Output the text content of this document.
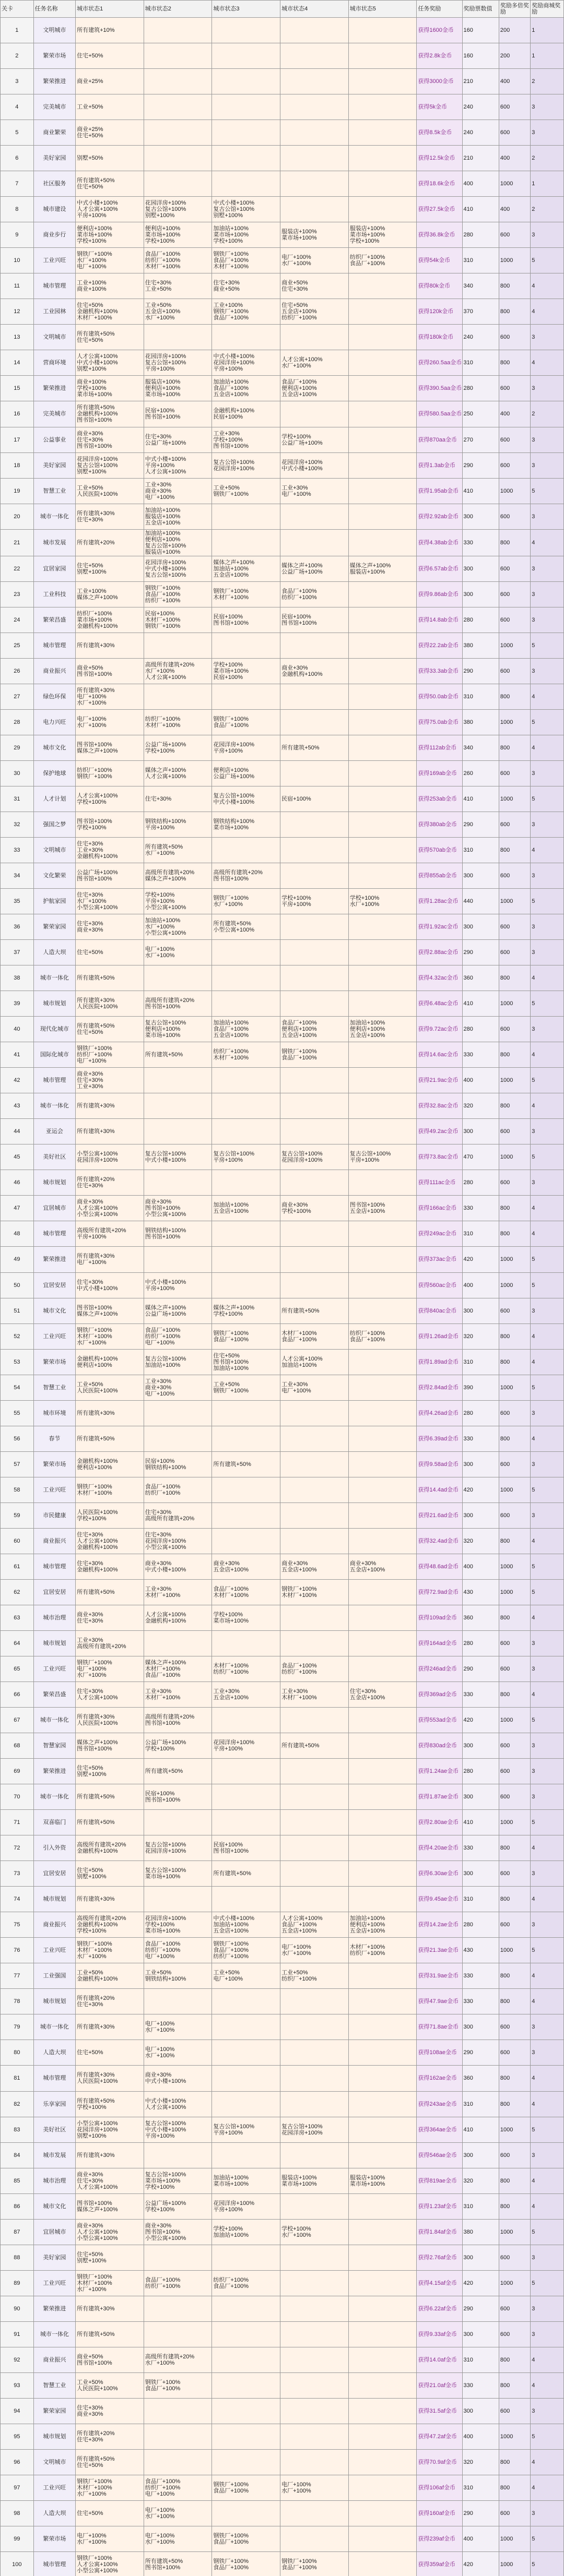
关卡	任务名称	城市状态1	城市状态2	城市状态3	城市状态4	城市状态5	任务奖励	奖励票数值	奖励多倍奖励	奖励商城奖励
1	文明城市	所有建筑+10%					获得1600金币	160	200	1
2	繁荣市场	住宅+50%					获得2.8k金币	160	200	1
3	繁荣推进	商业+25%					获得3000金币	210	400	2
4	完美城市	工业+50%					获得5k金币	240	600	3
5	商业繁荣	商业+25%
住宅+50%					获得8.5k金币	240	600	3
6	美好家园	别墅+50%					获得12.5k金币	210	400	2
7	社区服务	所有建筑+50%
住宅+50%					获得18.6k金币	400	1000	1
8	城市建设	中式小楼+100%
人才公寓+100%
平房+100%	花园洋房+100%
复古公馆+100%
别墅+100%	中式小楼+100%
复古公馆+100%
别墅+100%			获得27.5k金币	410	400	2
9	商业步行	便利店+100%
菜市场+100%
学校+100%	便利店+100%
菜市场+100%
学校+100%	加油站+100%
菜市场+100%
学校+100%	服装店+100%
菜市场+100%	服装店+100%
菜市场+100%
学校+100%	获得36.8k金币	280	600	3
10	工业兴旺	钢铁厂+100%
水厂+100%
电厂+100%	食品厂+100%
纺织厂+100%
木材厂+100%	钢铁厂+100%
食品厂+100%
木材厂+100%	电厂+100%
水厂+100%	纺织厂+100%
食品厂+100%	获得54k金币	310	1000	5
11	城市管理	工业+100%
商业+100%	住宅+30%
工业+50%	住宅+30%
商业+50%	商业+50%
住宅+30%		获得80k金币	340	800	4
12	工业园林	住宅+50%
金融机构+100%
木材厂+100%	工业+50%
五金店+100%
水厂+100%	工业+100%
钢铁厂+100%
食品厂+100%	住宅+50%
五金店+100%
纺织厂+100%		获得120k金币	370	800	4
13	文明城市	所有建筑+50%
住宅+50%					获得180k金币	240	600	3
14	营商环境	人才公寓+100%
中式小楼+100%
别墅+100%	花园洋房+100%
复古公馆+100%
平房+100%	中式小楼+100%
花园洋房+100%
平房+100%	人才公寓+100%
水厂+100%		获得260.5aa金币	310	800	4
15	繁荣推进	商业+100%
学校+100%
菜市场+100%	服装店+100%
便利店+100%
菜市场+100%	加油站+100%
食品厂+100%
五金店+100%	食品厂+100%
便利店+100%
五金店+100%		获得390.5aa金币	280	600	3
16	完美城市	所有建筑+50%
金融机构+100%
图书馆+100%	民宿+100%
图书馆+100%	金融机构+100%
民宿+100%			获得580.5aa金币	250	400	2
17	公益事业	商业+30%
住宅+30%
图书馆+100%	住宅+30%
公益广场+100%	工业+30%
学校+100%
图书馆+100%	学校+100%
公益广场+100%		获得870aa金币	270	600	3
18	美好家园	花园洋房+100%
复古公馆+100%
别墅+100%	中式小楼+100%
平房+100%
人才公寓+100%	复古公馆+100%
花园洋房+100%	花园洋房+100%
中式小楼+100%		获得1.3ab金币	290	600	3
19	智慧工业	工业+50%
人民医院+100%	工业+30%
商业+30%
电厂+100%	工业+50%
钢铁厂+100%	工业+30%
电厂+100%		获得1.95ab金币	410	1000	5
20	城市一体化	所有建筑+30%
住宅+30%	加油站+100%
服装店+100%
五金店+100%				获得2.92ab金币	300	600	3
21	城市发展	所有建筑+20%	加油站+100%
便利店+100%
复古公馆+100%
服装店+100%				获得4.38ab金币	330	800	4
22	宜居家园	住宅+50%
别墅+100%	花园洋房+100%
中式小楼+100%
复古公馆+100%	媒体之声+100%
加油站+100%
五金店+100%	媒体之声+100%
公益广场+100%	媒体之声+100%
服装店+100%	获得6.57ab金币	300	600	3
23	工业科技	工业+100%
媒体之声+100%	钢铁厂+100%
食品厂+100%
纺织厂+100%	钢铁厂+100%
木材厂+100%	食品厂+100%
纺织厂+100%		获得9.86ab金币	300	600	3
24	繁荣昌盛	纺织厂+100%
菜市场+100%
金融机构+100%	民宿+100%
木材厂+100%
钢铁厂+100%	民宿+100%
图书馆+100%	民宿+100%
图书馆+100%		获得14.8ab金币	280	600	3
25	城市管理	所有建筑+30%					获得22.2ab金币	380	1000	5
26	商业振兴	商业+50%
图书馆+100%	高级所有建筑+20%
水厂+100%
人才公寓+100%	学校+100%
菜市场+100%
民宿+100%	商业+30%
金融机构+100%		获得33.3ab金币	290	600	3
27	绿色环保	所有建筑+30%
电厂+100%
水厂+100%					获得50.0ab金币	310	800	4
28	电力兴旺	电厂+100%
水厂+100%	纺织厂+100%
木材厂+100%	钢铁厂+100%
食品厂+100%			获得75.0ab金币	380	1000	5
29	城市文化	图书馆+100%
媒体之声+100%	公益广场+100%
学校+100%	花园洋房+100%
平房+100%	所有建筑+50%		获得112ab金币	340	800	4
30	保护地球	纺织厂+100%
钢铁厂+100%	媒体之声+100%
人才公寓+100%	便利店+100%
公益广场+100%			获得169ab金币	260	600	3
31	人才计划	人才公寓+100%
学校+100%	住宅+30%	复古公馆+100%
中式小楼+100%	民宿+100%		获得253ab金币	410	1000	5
32	强国之梦	图书馆+100%
学校+100%	钢铁结构+100%
平房+100%	钢铁结构+100%
菜市场+100%			获得380ab金币	290	600	3
33	文明城市	住宅+30%
工业+30%
金融机构+100%	所有建筑+50%
水厂+100%				获得570ab金币	310	800	4
34	文化繁荣	公益广场+100%
图书馆+100%	高级所有建筑+20%
媒体之声+100%	高级所有建筑+20%
图书馆+100%			获得855ab金币	300	600	3
35	护航家园	住宅+30%
水厂+100%
小型公寓+100%	学校+100%
平房+100%
小型公寓+100%	钢铁厂+100%
水厂+100%	学校+100%
平房+100%	学校+100%
水厂+100%	获得1.28ac金币	440	1000	5
36	繁荣家园	住宅+30%
商业+30%	加油站+100%
水厂+100%
小型公寓+100%	所有建筑+50%
小型公寓+100%			获得1.92ac金币	300	600	3
37	人造大坝	住宅+50%	电厂+100%
水厂+100%				获得2.88ac金币	290	600	3
38	城市一体化	所有建筑+50%					获得4.32ac金币	360	800	4
39	城市规划	所有建筑+30%
人民医院+100%	高级所有建筑+20%
图书馆+100%				获得6.48ac金币	410	1000	5
40	现代化城市	所有建筑+50%
住宅+50%	复古公馆+100%
便利店+100%
菜市场+100%	加油站+100%
食品厂+100%
五金店+100%	食品厂+100%
便利店+100%
五金店+100%	加油站+100%
便利店+100%
五金店+100%	获得9.72ac金币	280	600	3
41	国际化城市	钢铁厂+100%
纺织厂+100%
电厂+100%	所有建筑+50%	纺织厂+100%
木材厂+100%	钢铁厂+100%
食品厂+100%		获得14.6ac金币	330	800	4
42	城市管理	商业+30%
住宅+30%
工业+30%					获得21.9ac金币	400	1000	5
43	城市一体化	所有建筑+30%					获得32.8ac金币	320	800	4
44	亚运会	所有建筑+30%					获得49.2ac金币	300	600	3
45	美好社区	小型公寓+100%
花园洋房+100%	复古公馆+100%
中式小楼+100%	复古公馆+100%
平房+100%	复古公馆+100%
花园洋房+100%	复古公馆+100%
平房+100%	获得73.8ac金币	470	1000	5
46	城市规划	所有建筑+20%
住宅+30%					获得111ac金币	280	600	3
47	宜居城市	商业+30%
人才公寓+100%
小型公寓+100%	商业+30%
图书馆+100%
小型公寓+100%	加油站+100%
五金店+100%	商业+30%
学校+100%	图书馆+100%
五金店+100%	获得166ac金币	330	800	4
48	城市管理	高级所有建筑+20%
平房+100%	钢铁结构+100%
图书馆+100%				获得249ac金币	310	800	4
49	繁荣推进	所有建筑+30%
电厂+100%					获得373ac金币	420	1000	5
50	宜居安居	住宅+30%
中式小楼+100%	中式小楼+100%
平房+100%				获得560ac金币	400	1000	5
51	城市文化	图书馆+100%
媒体之声+100%	媒体之声+100%
公益广场+100%	媒体之声+100%
学校+100%	所有建筑+50%		获得840ac金币	300	600	3
52	工业兴旺	钢铁厂+100%
木材厂+100%
水厂+100%	食品厂+100%
纺织厂+100%
电厂+100%	钢铁厂+100%
食品厂+100%	木材厂+100%
食品厂+100%	纺织厂+100%
食品厂+100%	获得1.26ad金币	320	800	4
53	繁荣市场	金融机构+100%
便利店+100%	复古公馆+100%
加油站+100%	住宅+50%
图书馆+100%
加油站+100%	人才公寓+100%
加油站+100%		获得1.89ad金币	310	800	4
54	智慧工业	工业+50%
人民医院+100%	工业+30%
商业+30%
电厂+100%	工业+50%
钢铁厂+100%	工业+30%
电厂+100%		获得2.84ad金币	390	1000	5
55	城市环境	所有建筑+30%					获得4.26ad金币	280	600	3
56	春节	所有建筑+50%					获得6.39ad金币	330	800	4
57	繁荣市场	金融机构+100%
便利店+100%	民宿+100%
钢铁结构+100%	所有建筑+50%			获得9.58ad金币	300	600	3
58	工业兴旺	钢铁厂+100%
木材厂+100%	食品厂+100%
纺织厂+100%				获得14.4ad金币	420	1000	5
59	市民健康	人民医院+100%
学校+100%	住宅+30%
高级所有建筑+20%				获得21.6ad金币	300	600	3
60	商业振兴	住宅+30%
人才公寓+100%
金融机构+100%	住宅+30%
花园洋房+100%
小型公寓+100%				获得32.4ad金币	320	800	4
61	城市管理	住宅+30%
金融机构+100%	商业+30%
中式小楼+100%	商业+30%
五金店+100%	商业+30%
五金店+100%	商业+30%
五金店+100%	获得48.6ad金币	400	1000	5
62	宜居安居	所有建筑+50%	工业+30%
木材厂+100%	食品厂+100%
木材厂+100%	钢铁厂+100%
木材厂+100%		获得72.9ad金币	430	1000	5
63	城市治理	商业+30%
住宅+30%	人才公寓+100%
金融机构+100%	学校+100%
菜市场+100%			获得109ad金币	360	800	4
64	城市规划	工业+30%
高级所有建筑+20%					获得164ad金币	280	600	3
65	工业兴旺	钢铁厂+100%
电厂+100%
水厂+100%	媒体之声+100%
木材厂+100%
食品厂+100%	木材厂+100%
纺织厂+100%	食品厂+100%
纺织厂+100%		获得246ad金币	290	600	3
66	繁荣昌盛	住宅+30%
人才公寓+100%	工业+30%
木材厂+100%	工业+30%
五金店+100%	工业+30%
木材厂+100%	住宅+30%
五金店+100%	获得369ad金币	330	800	4
67	城市一体化	所有建筑+30%
人民医院+100%	高级所有建筑+20%
图书馆+100%				获得553ad金币	420	1000	5
68	智慧家园	媒体之声+100%
图书馆+100%	公益广场+100%
学校+100%	花园洋房+100%
平房+100%	所有建筑+50%		获得830ad金币	300	600	3
69	繁荣推进	住宅+50%
别墅+100%	所有建筑+50%				获得1.24ae金币	280	600	3
70	城市一体化	所有建筑+50%	民宿+100%
图书馆+100%				获得1.87ae金币	300	600	3
71	双喜临门	所有建筑+50%					获得2.80ae金币	410	1000	5
72	引入外资	高级所有建筑+20%
金融机构+100%	复古公馆+100%
花园洋房+100%	民宿+100%
图书馆+100%			获得4.20ae金币	330	800	4
73	宜居安居	住宅+50%
别墅+100%	复古公馆+100%
菜市场+100%	所有建筑+50%			获得6.30ae金币	300	600	3
74	城市规划	所有建筑+30%					获得9.45ae金币	310	800	4
75	商业振兴	高级所有建筑+20%
金融机构+100%
学校+100%	花园洋房+100%
学校+100%
菜市场+100%	中式小楼+100%
加油站+100%
五金店+100%	人才公寓+100%
食品厂+100%
五金店+100%	加油站+100%
便利店+100%
五金店+100%	获得14.2ae金币	280	600	3
76	工业兴旺	钢铁厂+100%
木材厂+100%
水厂+100%	食品厂+100%
纺织厂+100%
电厂+100%	钢铁厂+100%
食品厂+100%
纺织厂+100%	电厂+100%
水厂+100%	木材厂+100%
纺织厂+100%	获得21.3ae金币	430	1000	5
77	工业强国	工业+50%
金融机构+100%	工业+50%
钢铁结构+100%	工业+50%
电厂+100%	工业+50%
纺织厂+100%		获得31.9ae金币	330	800	4
78	城市规划	所有建筑+20%
住宅+30%					获得47.9ae金币	330	800	4
79	城市一体化	所有建筑+30%	电厂+100%
水厂+100%				获得71.8ae金币	300	600	3
80	人造大坝	住宅+50%	电厂+100%
水厂+100%				获得108ae金币	290	600	3
81	城市管理	所有建筑+30%
人民医院+100%	商业+30%
中式小楼+100%				获得162ae金币	360	800	4
82	乐享家园	所有建筑+50%
学校+100%	中式小楼+100%
人才公寓+100%				获得243ae金币	310	800	4
83	美好社区	小型公寓+100%
花园洋房+100%
别墅+100%	复古公馆+100%
中式小楼+100%
平房+100%	复古公馆+100%
平房+100%	复古公馆+100%
花园洋房+100%		获得364ae金币	410	1000	5
84	城市发展	所有建筑+30%					获得546ae金币	300	600	3
85	城市治理	商业+30%
住宅+30%
人才公寓+100%	复古公馆+100%
菜市场+100%
学校+100%	加油站+100%
菜市场+100%	服装店+100%
菜市场+100%	服装店+100%
菜市场+100%	获得819ae金币	320	800	4
86	城市文化	图书馆+100%
媒体之声+100%	公益广场+100%
学校+100%	花园洋房+100%
平房+100%			获得1.23af金币	310	800	4
87	宜居城市	商业+30%
人才公寓+100%
小型公寓+100%	商业+30%
图书馆+100%
小型公寓+100%	学校+100%
加油站+100%	学校+100%
水厂+100%		获得1.84af金币	380	1000	5
88	美好家园	住宅+50%
别墅+100%					获得2.76af金币	300	600	3
89	工业兴旺	钢铁厂+100%
木材厂+100%
水厂+100%	食品厂+100%
纺织厂+100%	纺织厂+100%
食品厂+100%			获得4.15af金币	420	1000	5
90	繁荣推进	所有建筑+30%					获得6.22af金币	290	600	3
91	城市一体化	所有建筑+50%					获得9.33af金币	300	600	3
92	商业振兴	商业+50%
图书馆+100%	高级所有建筑+20%
水厂+100%				获得14.0af金币	310	800	4
93	智慧工业	工业+50%
人民医院+100%	钢铁厂+100%
食品厂+100%				获得21.0af金币	330	800	4
94	繁荣家园	住宅+30%
商业+30%					获得31.5af金币	300	600	3
95	城市规划	所有建筑+20%
住宅+30%					获得47.2af金币	400	1000	5
96	文明城市	所有建筑+50%
住宅+50%					获得70.9af金币	320	800	4
97	工业兴旺	钢铁厂+100%
木材厂+100%
水厂+100%	食品厂+100%
纺织厂+100%
电厂+100%	钢铁厂+100%
食品厂+100%	电厂+100%
水厂+100%		获得106af金币	310	800	4
98	人造大坝	住宅+50%	电厂+100%
水厂+100%				获得160af金币	290	600	3
99	繁荣市场	电厂+100%
水厂+100%	电厂+100%
水厂+100%	钢铁厂+100%
食品厂+100%			获得239af金币	400	1000	5
100	城市管理	钢铁厂+100%
人才公寓+100%
小型公寓+100%	所有建筑+50%
图书馆+100%	钢铁厂+100%
食品厂+100%	钢铁厂+100%
食品厂+100%		获得359af金币	420	1000	5
